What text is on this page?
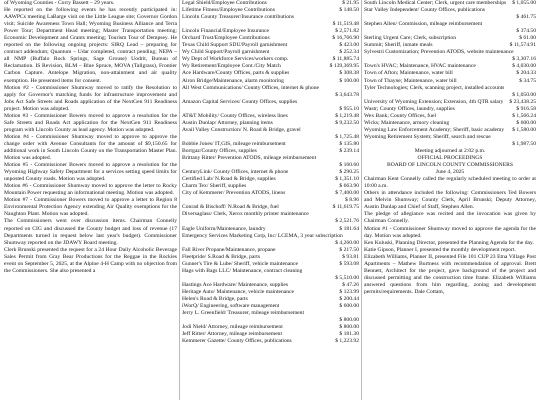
of Wyoming Counties - Corry Bassett – 29 years.

He reported on the following events he has recently participated in: AAWPCs meeting LaBarge visit on the Little League site; Governor Gordon visit; Suicide Awareness Town Hall; Wyoming Business Alliance and Terra Power Tour; Department Head meeting; Master Transportation meeting; Economic Development and Grants meeting; Tourism Tour of Dempsey. He reported on the following ongoing projects: SIRQ Lead – preparing for contract addendum; Quantum – Udar completed, contract pending; NEPA – all NMP (Buffalo Rock Springs, Sage Grouse) Uodrit, Bureau of Reclamation. IS Revision, BLM – Blue Spruce, MOVA (Tallgrass), Frontier Carbon Capture. Antelope Migration, non-attainment and air quality exemption. He presented items for consent.

Motion #2 - Commissioner Shumway moved to ratify the Resolution to apply for Governor's matching funds for infrastructure improvement and Jobs Act Safe Streets and Roads application of the NextGen 911 Readiness project. Motion was adopted.

Motion #3 - Commissioner Bowers moved to approve a resolution for the Safe Streets and Roads Act application for the NextGen 911 Readiness program with Lincoln County as lead agency. Motion was adopted.

Motion #4 - Commissioner Shumway moved to approve to approve the change order with Avenue Consultants for the amount of $9,150.65 for additional work in South Lincoln County on the Transportation Master Plan. Motion was adopted.

Motion #5 - Commissioner Bowers moved to approve a resolution for the Wyoming Highway Safety Department for a services setting speed limits for unposted County roads. Motion was adopted.

Motion #6 - Commissioner Shumway moved to approve the letter to Rocky Mountain Power requesting an informational meeting. Motion was adopted.

Motion #7 - Commissioner Bowers moved to approve a letter to Region 8 Environmental Protection Agency extending Air Quality exemptions for the Naughton Plant. Motion was adopted.

The Commissioners went over discussion items. Chairman Connelly reported on CIG and discussed the County budget and loss of revenue (17 Departments turned in request below last year's budget). Commissioner Shumway reported on the JDAWY Board meeting.

Clerk Brunski presented the request for a 24 Hour Daily Alcoholic Beverage Sales Permit from Gray Bear Productions for the Reggae in the Rockies event on September 5, 2025, at the Alpine 4-H Camp with no objection from the Commissioners. She also presented a

Legal Shield/Employee Contributions	$ 21.95
Lifetime Fitness/Employee Contributions	$ 148.50
Lincoln County Treasurer/Insurance contributions
$ 11,519.48
Lincoln Financial/Employee Insurance	$ 2,571.82
Orchard Trust/Employee Contributions	$ 16,766.90
Texas Child Support SDU/Payroll garnishment	$ 423.00
Wy Child Support/Payroll garnishment	$ 252.34
Wy Dept of Workforce Services/workers comp.	$ 11,885.74
Wy Retirement/Employee Cont./City Match	$ 139,369.95
Ace Hardware/County Offices, parts & supplies	$ 308.38
Airon Bridge/Maintenance, alarm monitoring	$ 100.00
All West Communications/ County Offices, internet & phone
$ 3,643.78
Amazon Capital Services/ County Offices, supplies
$ 955.10
AT&T Mobility/ County Offices, wireless lines	$ 1,219.48
Austin Dunlap/ Attorney, planning items	$ 9,232.50
Avail Valley Construction/ N. Road & Bridge, gravel
$ 1,725.48
Bobbie Jones/ IT,GIS, mileage reimbursement	$ 135.80
Borrgaz/County Offices, supplies	$ 239.14
Brittany Ritter/ Prevention ATODS, mileage reimbursement
$ 160.60
CenturyLink/ County Offices, internet & phone	$ 290.25
Certified Lab/ N.Road & Bridge, supplies	$ 1,351.10
Charm Tex/ Sheriff, supplies	$ 663.90
City of Kemmerer/ Prevention ATODS, linens	$ 7,400.00
$ 8.96
Conrad & Bischoff/ N.Road & Bridge, fuel	$ 11,619.75
Diversaglass/ Clerk, Xerox monthly printer maintenance
$ 2,521.76
Eagle Uniform/Maintenance, laundry	$ 181.64
Emergency Services Marketing Corp, Inc/ LCEMA, 3 year subscription
$ 4,260.00
Fall River Propane/Maintenance, propane	$ 217.50
Fleetpride/ S.Road & Bridge, parts	$ 93.81
Gunner's Tire & Lube/ Sheriff, vehicle maintenance	$ 593.08
Hags with Bags LLC/ Maintenance, contract cleaning
$ 5,510.00
Hastings Ace Hardware/ Maintenance, supplies	$ 47.26
Heritage Auto/ Maintenance, vehicle maintenance	$ 123.99
Helen's Road & Bridge, parts	$ 200.44
iWorQ/ Engineering, software management	$ 600.00
Jerry L. Greenfield/ Treasurer, mileage reimbursement
$ 800.00
Jodi Nield/ Attorney, mileage reimbursement	$ 800.00
Jeff Ritter/ Attorney, mileage reimbursement	$ 181.30
Kemmerer Gazette/ County Offices, publications	$ 1,223.92
South Lincoln Medical Center; Clerk, urgent care memberships $ 1,055.00
Star Valley Independent/ County Offices, publications
$ 461.75
Stephen Allen/ Commission, mileage reimbursement
$ 374.50
Sterling Urgent Care; Clerk, subscription	$ 61.00
Summit; Sheriff, inmate meals	$ 11,574.91
Sylvestri Customization; Prevention ATODS, website maintenance
$ 3,307.16
Town's HVAC; Maintenance, HVAC maintenance	$ 4,030.00
Town of Afton; Maintenance, water bill	$ 204.33
Town of Thayne; Maintenance, water bill	$ 34.75
Tyler Technologies; Clerk, scanning project, installed accounts
$ 1,050.00
University of Wyoming Extension; Extension, 4th QTR salary $ 23,438.25
Wastr; County Offices, laundry, supplies	$ 916.58
Wex Bank; County Offices, fuel	$ 1,566.24
Wicks; Maintenance, armory cleaning	$ 600.00
Wyoming Law Enforcement Academy; Sheriff, basic academy $ 1,580.00
Wyoming Retirement System; Sheriff, search and rescue
$ 1,987.50

Meeting adjourned at 2:02 p.m.

OFFICIAL PROCEEDINGS

BOARD OF LINCOLN COUNTY COMMISSIONERS

June 4, 2025

Chairman Kent Connelly called the regularly scheduled meeting to order at 10:00 a.m.

Others in attendance included the following: Commissioners Ted Bowers and Melvin Shumway; County Clerk, April Brunski; Deputy Attorney, Austin Dunlap and Chief of Staff, Stephen Allen.

The pledge of allegiance was recited and the invocation was given by Chairman Connelly.

Motion #1 - Commissioner Shumway moved to approve the agenda for the day. Motion was adopted.

Ken Kuluski, Planning Director, presented the Planning Agenda for the day.

Katie Gipson, Planner I, presented the monthly development report.

Elizabeth Williams, Planner II, presented File 101 CUP 23 Etna Village Post Apartments – Mathew Burtness with recommendation of approval. Brett Bennett, Architect for the project, gave background of the project and discussed permitting and the construction time frame. Elizabeth Williams answered questions from him regarding, zoning and development permits/requirements. Dale Cottam,
